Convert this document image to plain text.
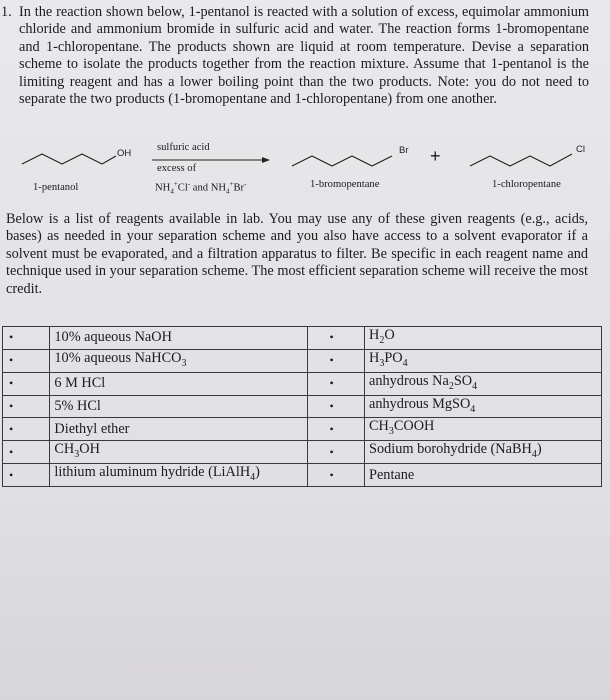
1. In the reaction shown below, 1-pentanol is reacted with a solution of excess, equimolar ammonium chloride and ammonium bromide in sulfuric acid and water. The reaction forms 1-bromopentane and 1-chloropentane. The products shown are liquid at room temperature. Devise a separation scheme to isolate the products together from the reaction mixture. Assume that 1-pentanol is the limiting reagent and has a lower boiling point than the two products. Note: you do not need to separate the two products (1-bromopentane and 1-chloropentane) from one another.
OH
sulfuric acid
excess of
$NH_4^+Cl^-$ and $NH_4^+Br^-$
Br +	Cl
1-pentanol	1-bromopentane	1-chloropentane
Below is a list of reagents available in lab. You may use any of these given reagents (e.g., acids, bases) as needed in your separation scheme and you also have access to a solvent evaporator if a solvent must be evaporated, and a filtration apparatus to filter. Be specific in each reagent name and technique used in your separation scheme. The most efficient separation scheme will receive the most credit.
•	10% aqueous NaOH	•	$H_2O$
•	10% aqueous NaHCO$_3$	•	$H_3PO_4$
•	6 M HCl	•	anhydrous $Na_2SO_4$
•	5% HCl	•	anhydrous MgSO$_4$
•	Diethyl ether	•	$CH_3COOH$
•	$CH_3OH$	•	Sodium borohydride (NaBH$_4$)
•	lithium aluminum hydride (LiAlH$_4$)	•	Pentane
